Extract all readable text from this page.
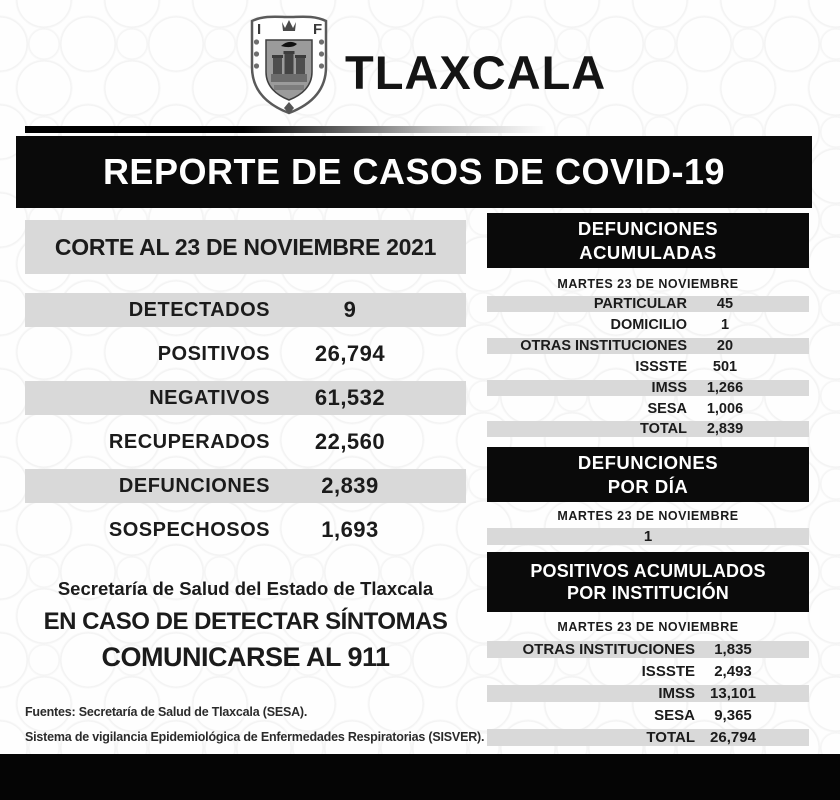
I	F
TLAXCALA
REPORTE DE CASOS DE COVID-19
CORTE AL 23 DE NOVIEMBRE 2021
DETECTADOS	9
POSITIVOS	26,794
NEGATIVOS	61,532
RECUPERADOS	22,560
DEFUNCIONES	2,839
SOSPECHOSOS	1,693
Secretaría de Salud del Estado de Tlaxcala
EN CASO DE DETECTAR SÍNTOMAS
COMUNICARSE AL 911
Fuentes: Secretaría de Salud de Tlaxcala (SESA).
Sistema de vigilancia Epidemiológica de Enfermedades Respiratorias (SISVER).
DEFUNCIONES
ACUMULADAS
MARTES 23 DE NOVIEMBRE
PARTICULAR	45
DOMICILIO	1
OTRAS INSTITUCIONES	20
ISSSTE	501
IMSS	1,266
SESA	1,006
TOTAL	2,839
DEFUNCIONES
POR DÍA
MARTES 23 DE NOVIEMBRE
1
POSITIVOS ACUMULADOS
POR INSTITUCIÓN
MARTES 23 DE NOVIEMBRE
OTRAS INSTITUCIONES	1,835
ISSSTE	2,493
IMSS	13,101
SESA	9,365
TOTAL	26,794
